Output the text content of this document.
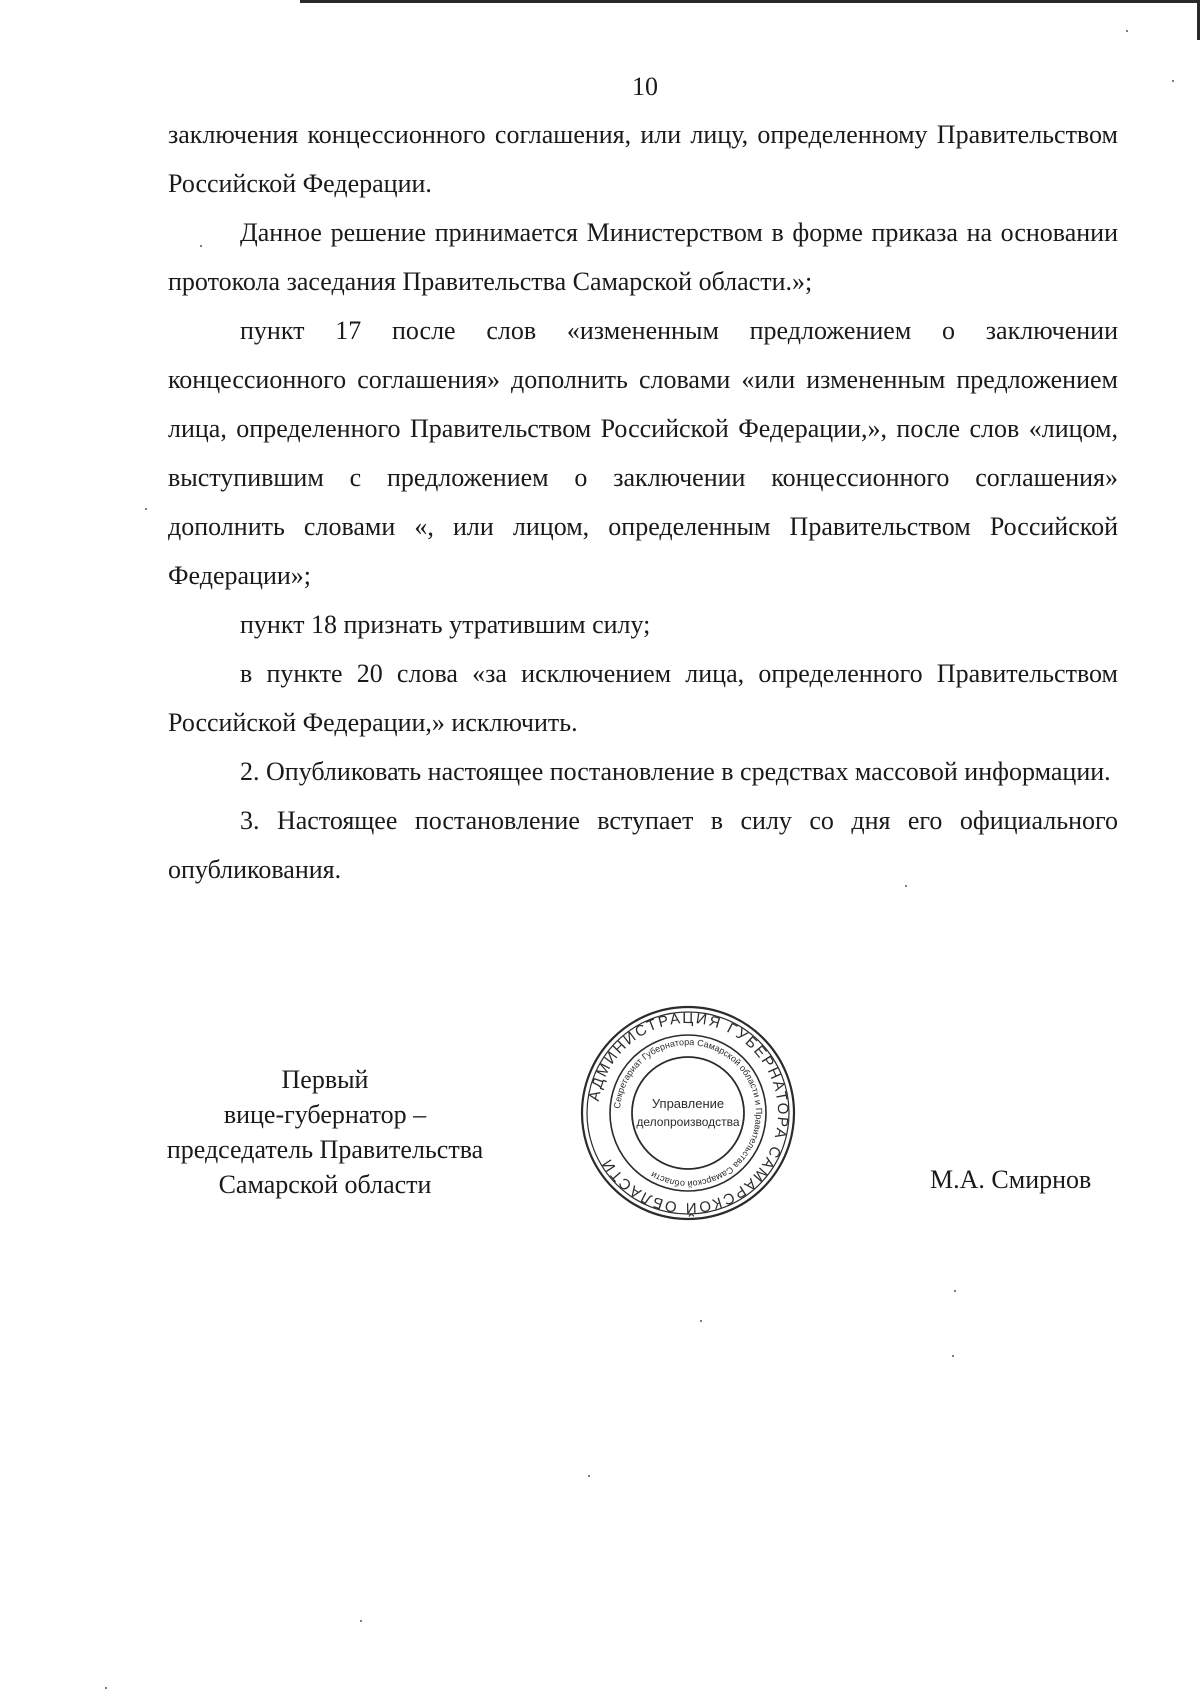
10

заключения концессионного соглашения, или лицу, определенному Правительством Российской Федерации.

Данное решение принимается Министерством в форме приказа на основании протокола заседания Правительства Самарской области.»;

пункт 17 после слов «измененным предложением о заключении концессионного соглашения» дополнить словами «или измененным предложением лица, определенного Правительством Российской Федерации,», после слов «лицом, выступившим с предложением о заключении концессионного соглашения» дополнить словами «, или лицом, определенным Правительством Российской Федерации»;

пункт 18 признать утратившим силу;

в пункте 20 слова «за исключением лица, определенного Правительством Российской Федерации,» исключить.

2. Опубликовать настоящее постановление в средствах массовой информации.

3. Настоящее постановление вступает в силу со дня его официального опубликования.

Первый
вице-губернатор –
председатель Правительства
Самарской области
АДМИНИСТРАЦИЯ ГУБЕРНАТОРА САМАРСКОЙ ОБЛАСТИ
Секретариат Губернатора Самарской области и Правительства Самарской области
Управление
делопроизводства
М.А. Смирнов
